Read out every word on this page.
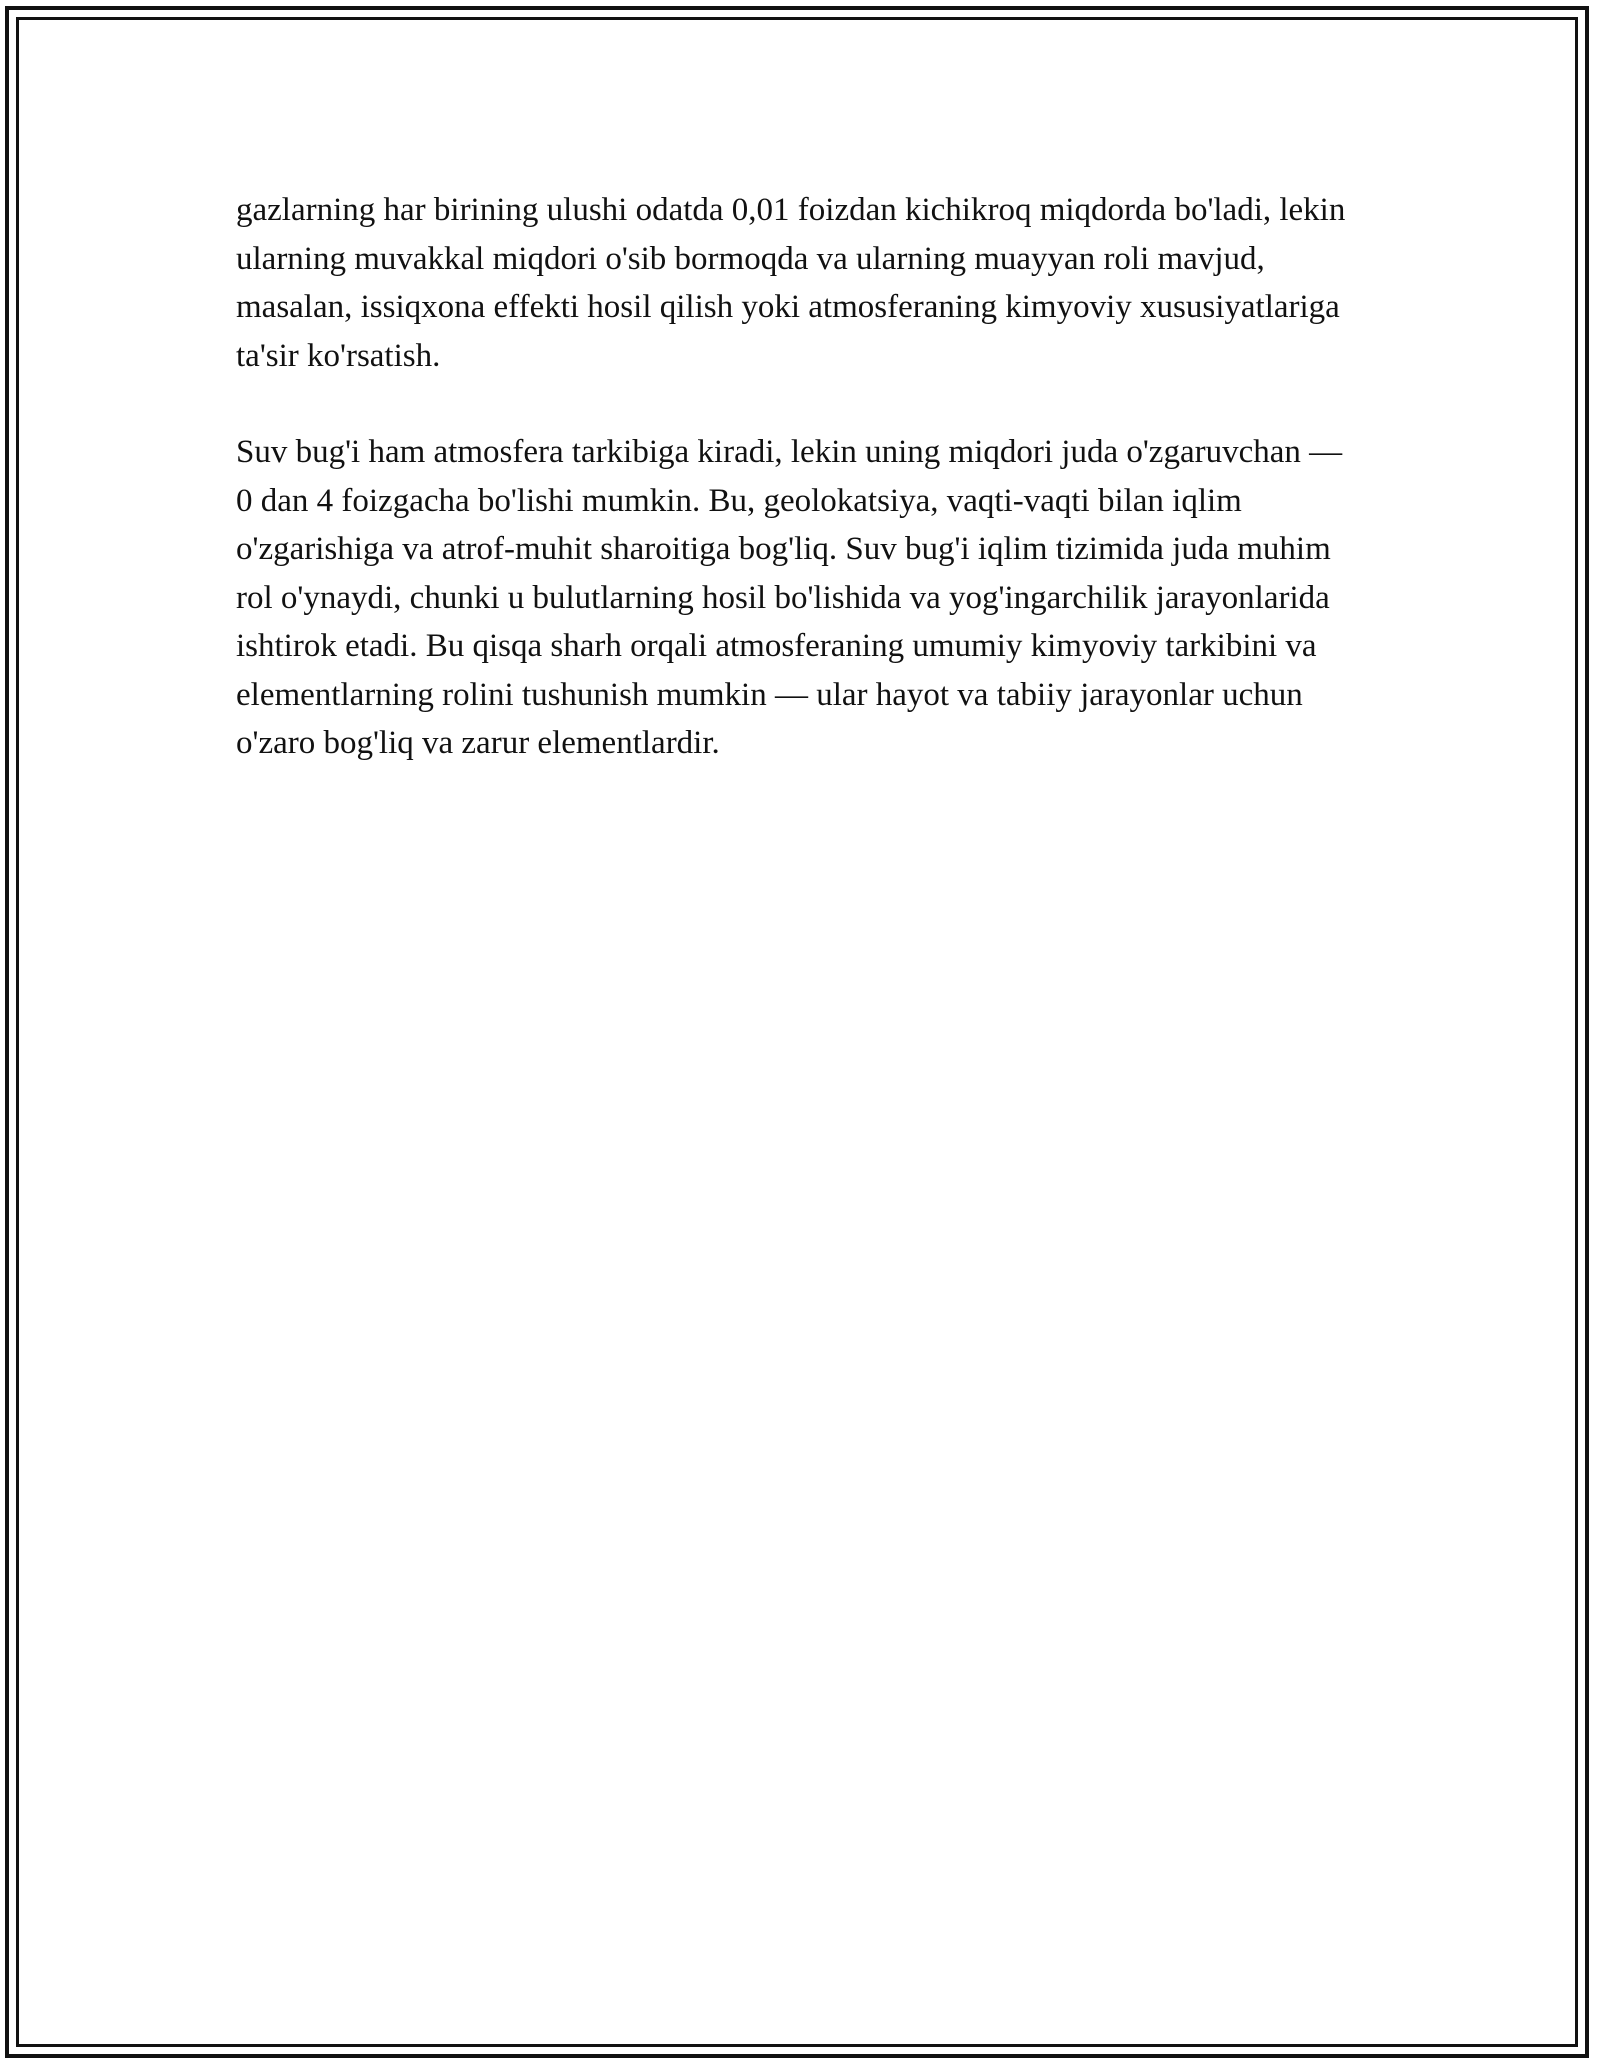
gazlarning har birining ulushi odatda 0,01 foizdan kichikroq miqdorda bo'ladi, lekin ularning muvakkal miqdori o'sib bormoqda va ularning muayyan roli mavjud, masalan, issiqxona effekti hosil qilish yoki atmosferaning kimyoviy xususiyatlariga ta'sir ko'rsatish.

Suv bug'i ham atmosfera tarkibiga kiradi, lekin uning miqdori juda o'zgaruvchan — 0 dan 4 foizgacha bo'lishi mumkin. Bu, geolokatsiya, vaqti-vaqti bilan iqlim o'zgarishiga va atrof-muhit sharoitiga bog'liq. Suv bug'i iqlim tizimida juda muhim rol o'ynaydi, chunki u bulutlarning hosil bo'lishida va yog'ingarchilik jarayonlarida ishtirok etadi. Bu qisqa sharh orqali atmosferaning umumiy kimyoviy tarkibini va elementlarning rolini tushunish mumkin — ular hayot va tabiiy jarayonlar uchun o'zaro bog'liq va zarur elementlardir.
